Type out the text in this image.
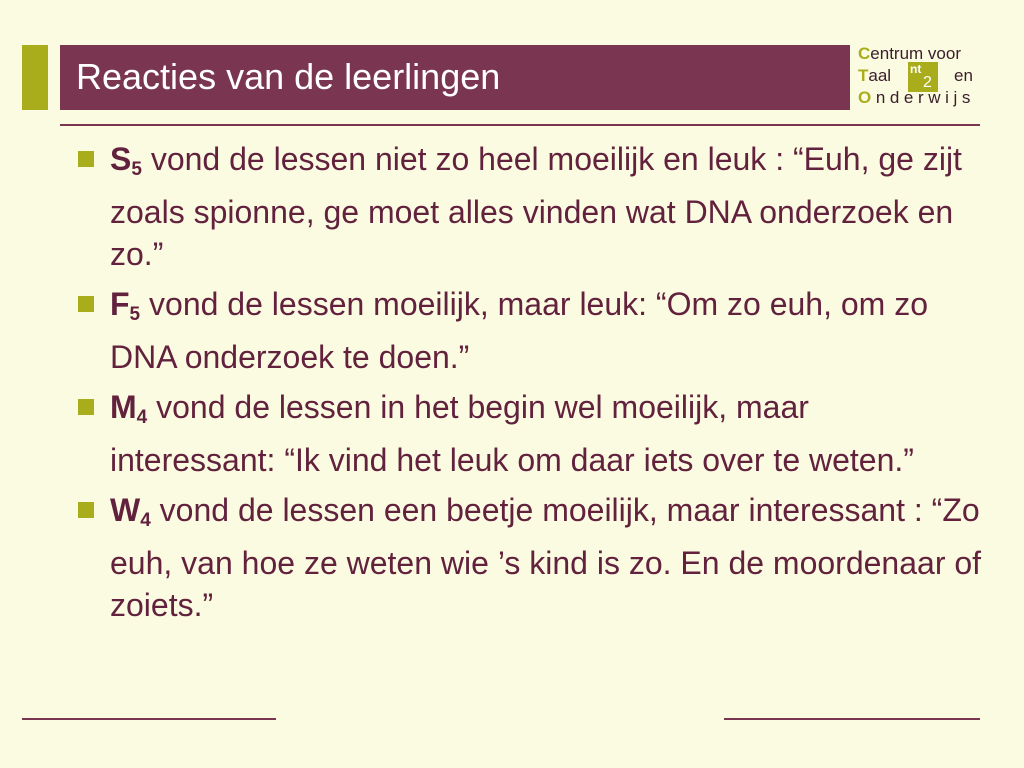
Reacties van de leerlingen	nt
2
Centrum voor
Taal	en
Onderwijs
$S_5$ vond de lessen niet zo heel moeilijk en leuk : “Euh, ge zijt zoals spionne, ge moet alles vinden wat DNA onderzoek en zo.”
$F_5$ vond de lessen moeilijk, maar leuk: “Om zo euh, om zo DNA onderzoek te doen.”
$M_4$ vond de lessen in het begin wel moeilijk, maar interessant: “Ik vind het leuk om daar iets over te weten.”
$W_4$ vond de lessen een beetje moeilijk, maar interessant : “Zo euh, van hoe ze weten wie ’s kind is zo. En de moordenaar of zoiets.”
